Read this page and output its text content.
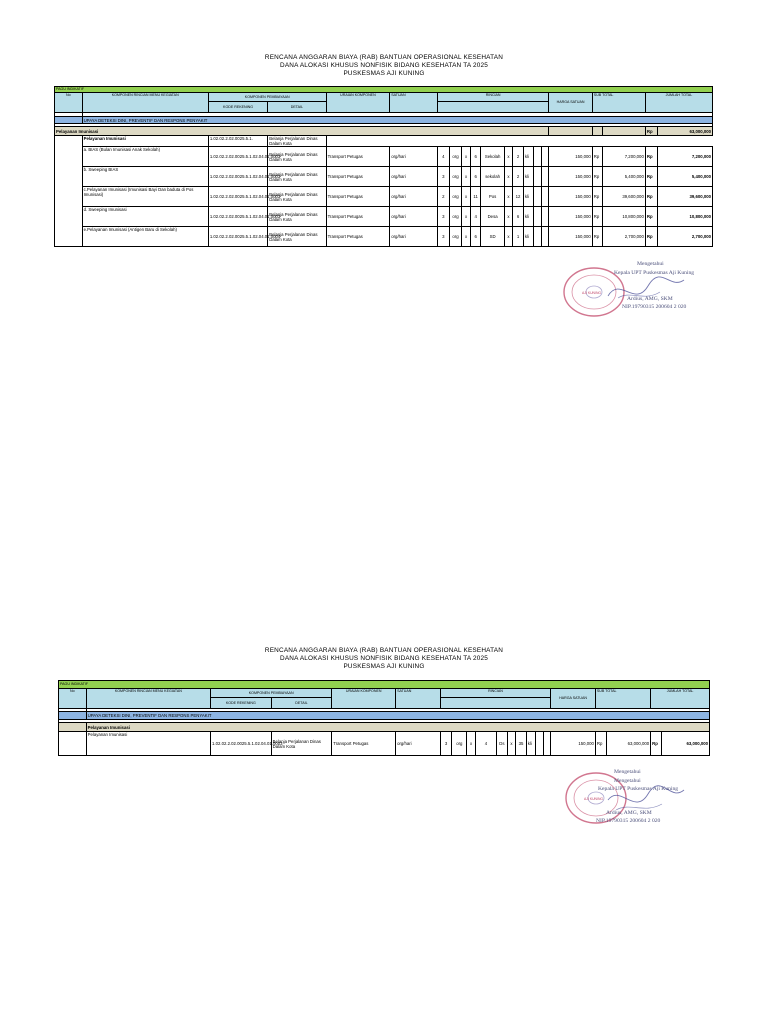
RENCANA ANGGARAN BIAYA (RAB) BANTUAN OPERASIONAL KESEHATAN
DANA ALOKASI KHUSUS NONFISIK BIDANG KESEHATAN TA 2025
PUSKESMAS AJI KUNING
PAGU INDIKATIF																				
No	KOMPONEN RINCIAN MENU KEGIATAN	KOMPONEN PEMBIAYAAN		URAIAN KOMPONEN	SATUAN	RINCIAN										HARGA SATUAN	SUB TOTAL		JUMLAH TOTAL	
		KODE REKENING	DETAIL																	

	UPAYA DETEKSI DINI, PREVENTIF DAN RESPONS PENYAKIT																			

Pelayanan Imunisasi																			Rp	63,000,000
	Pelayanan Imunisasi	1.02.02.2.02.0025.5.1.	Belanja Perjalanan Dinas Dalam Kota																	
	a. BIAS (Bulan Imunisasi Anak Sekolah)	1.02.02.2.02.0025.5.1.02.04.01.0003	Belanja Perjalanan Dinas Dalam Kota	Transport Petugas	org/hari	4	org	x	6	Sekolah	x	2	kli			150,000	Rp	7,200,000	Rp	7,200,000
	b. Sweeping BIAS	1.02.02.2.02.0025.5.1.02.04.01.0003	Belanja Perjalanan Dinas Dalam Kota	Transport Petugas	org/hari	3	org	x	6	sekolah	x	2	kli			150,000	Rp	5,400,000	Rp	5,400,000
	c.Pelayanan Imunisasi (Imunisasi Bayi Dan baduta di Pos Imunisasi)	1.02.02.2.02.0025.5.1.02.04.01.0003	Belanja Perjalanan Dinas Dalam Kota	Transport Petugas	org/hari	2	org	x	11	Pos	x	12	kli			150,000	Rp	39,600,000	Rp	39,600,000
	d. Sweeping Imunisasi	1.02.02.2.02.0025.5.1.02.04.01.0003	Belanja Perjalanan Dinas Dalam Kota	Transport Petugas	org/hari	3	org	x	4	Desa	x	6	kli			150,000	Rp	10,800,000	Rp	10,800,000
	e.Pelayanan Imunisasi (Antigen Baru di Sekolah)	1.02.02.2.02.0025.5.1.02.04.01.0004	Belanja Perjalanan Dinas Dalam Kota	Transport Petugas	org/hari	3	org	x	6	SD	x	1	kli			150,000	Rp	2,700,000	Rp	2,700,000
AJI KUNING
Mengetahui
Kepala UPT Puskesmas Aji Kuning
Ardius, AMG, SKM
NIP.19790315 200604 2 020
RENCANA ANGGARAN BIAYA (RAB) BANTUAN OPERASIONAL KESEHATAN
DANA ALOKASI KHUSUS NONFISIK BIDANG KESEHATAN TA 2025
PUSKESMAS AJI KUNING
PAGU INDIKATIF																				
No	KOMPONEN RINCIAN MENU KEGIATAN	KOMPONEN PEMBIAYAAN		URAIAN KOMPONEN	SATUAN	RINCIAN										HARGA SATUAN	SUB TOTAL		JUMLAH TOTAL	
		KODE REKENING	DETAIL																	

	UPAYA DETEKSI DINI, PREVENTIF DAN RESPONS PENYAKIT																			

	Pelayanan Imunisasi																			
	Pelayanan Imunisasi	1.02.02.2.02.0025.5.1.02.04.01.0003	Belanja Perjalanan Dinas Dalam Kota	Transport Petugas	org/hari	3	org	x	4	Ds	x	35	kli			150,000	Rp	63,000,000	Rp	63,000,000
AJI KUNING
Mengetahui
Mengetahui
Kepala UPT Puskesmas Aji Kuning
Ardius, AMG, SKM
NIP.19790315 200604 2 020
